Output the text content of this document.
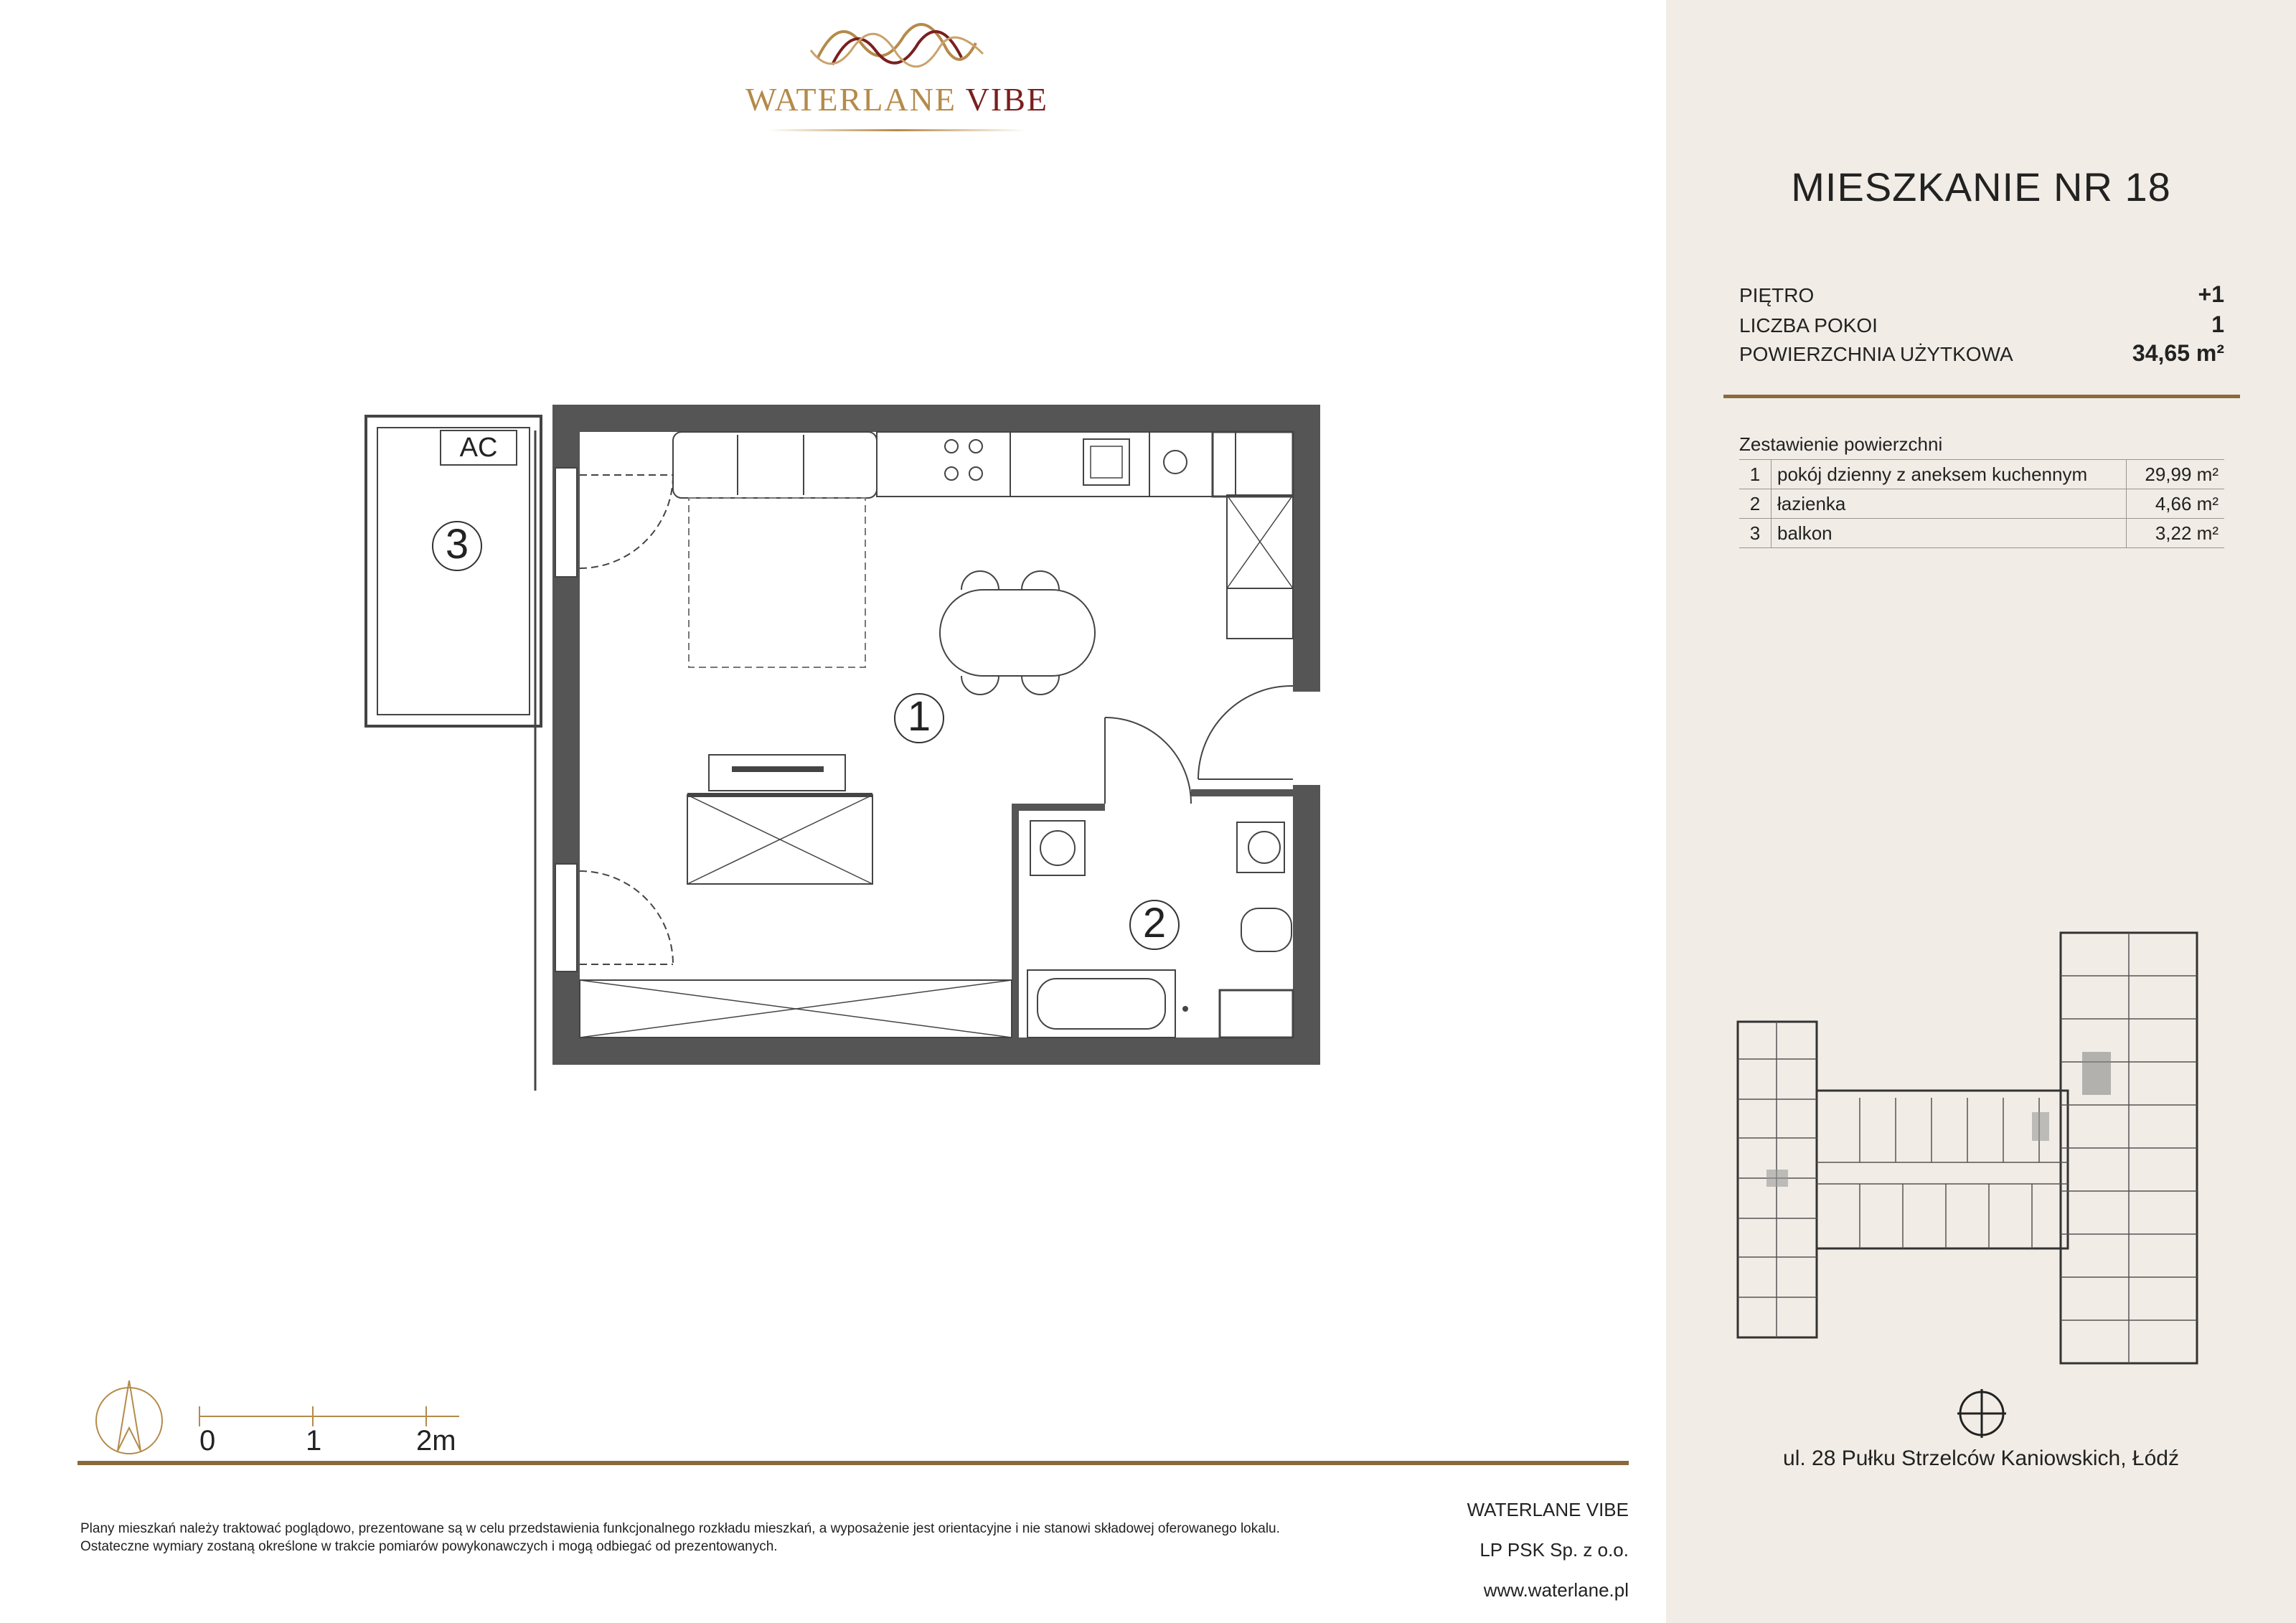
WATERLANE VIBE
AC
3
1
2
0	1	2m
Plany mieszkań należy traktować poglądowo, prezentowane są w celu przedstawienia funkcjonalnego rozkładu mieszkań, a wyposażenie jest orientacyjne i nie stanowi składowej oferowanego lokalu.
Ostateczne wymiary zostaną określone w trakcie pomiarów powykonawczych i mogą odbiegać od prezentowanych.
WATERLANE VIBE
LP PSK Sp. z o.o.
www.waterlane.pl
MIESZKANIE NR 18
PIĘTRO	+1
LICZBA POKOI	1
POWIERZCHNIA UŻYTKOWA	34,65 m²
Zestawienie powierzchni
1	pokój dzienny z aneksem kuchennym	29,99 m²
2	łazienka	4,66 m²
3	balkon	3,22 m²
ul. 28 Pułku Strzelców Kaniowskich, Łódź
